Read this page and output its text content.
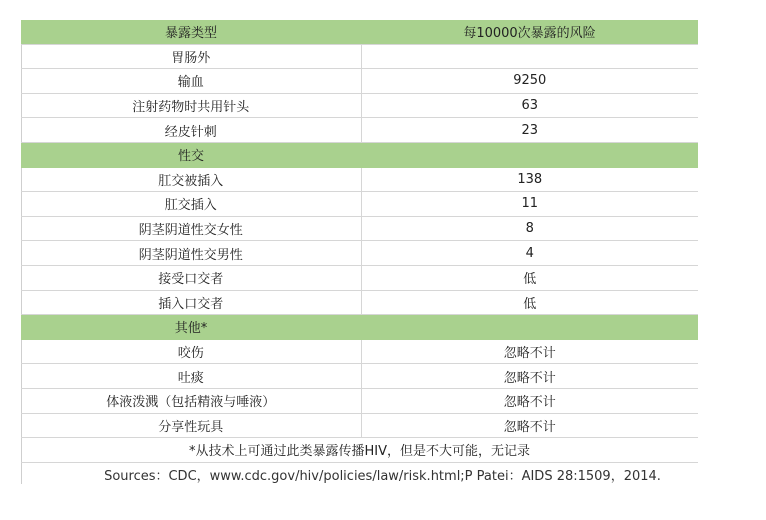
暴露类型	每10000次暴露的风险
胃肠外	
输血	9250
注射药物时共用针头	63
经皮针刺	23
性交	
肛交被插入	138
肛交插入	11
阴茎阴道性交女性	8
阴茎阴道性交男性	4
接受口交者	低
插入口交者	低
其他*	
咬伤	忽略不计
吐痰	忽略不计
体液泼溅（包括精液与唾液）	忽略不计
分享性玩具	忽略不计
*从技术上可通过此类暴露传播HIV，但是不大可能，无记录	
Sources：CDC，www.cdc.gov/hiv/policies/law/risk.html;P Patei：AIDS 28:1509，2014.
